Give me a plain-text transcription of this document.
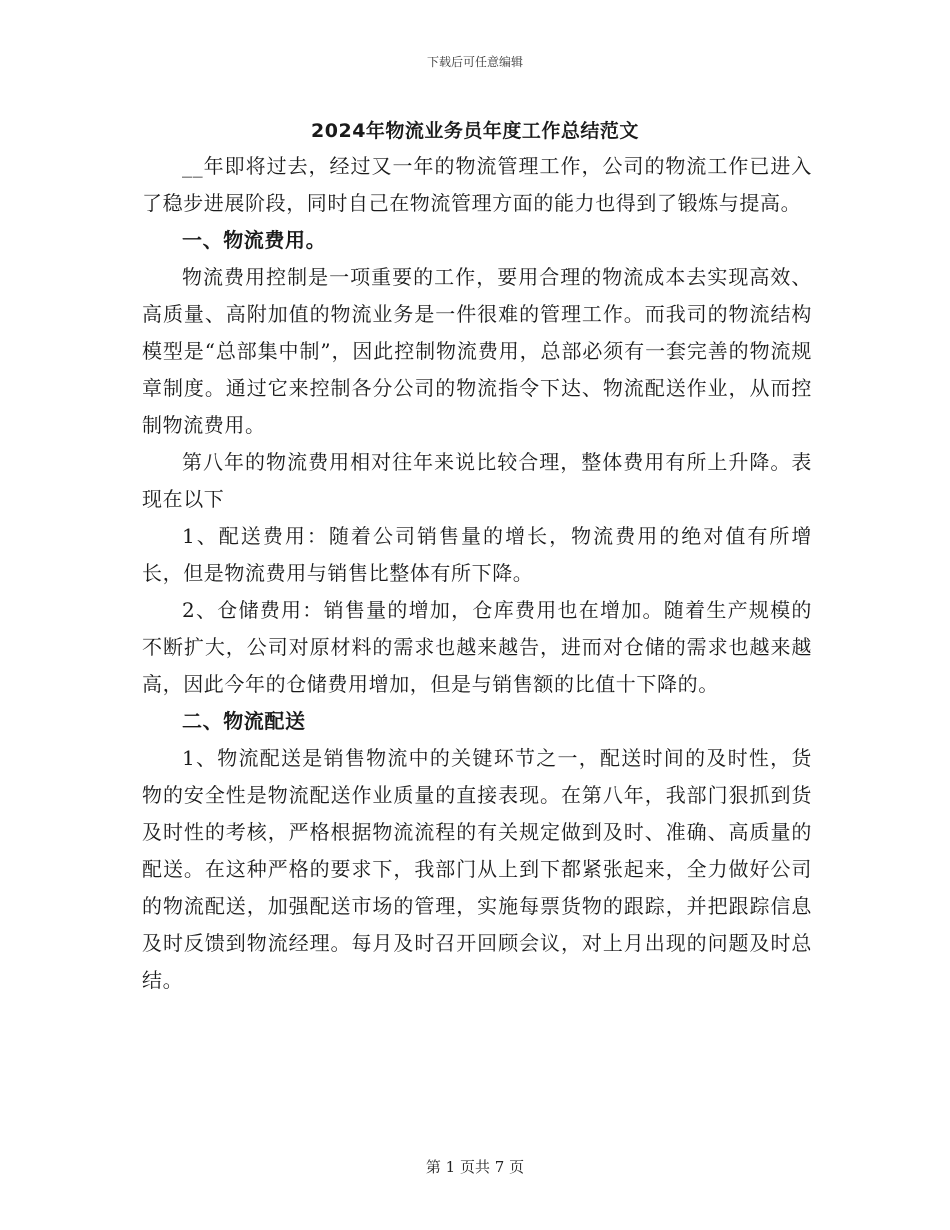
下载后可任意编辑
2024年物流业务员年度工作总结范文

__年即将过去，经过又一年的物流管理工作，公司的物流工作已进入了稳步进展阶段，同时自己在物流管理方面的能力也得到了锻炼与提高。

一、物流费用。

物流费用控制是一项重要的工作，要用合理的物流成本去实现高效、高质量、高附加值的物流业务是一件很难的管理工作。而我司的物流结构模型是“总部集中制”，因此控制物流费用，总部必须有一套完善的物流规章制度。通过它来控制各分公司的物流指令下达、物流配送作业，从而控制物流费用。

第八年的物流费用相对往年来说比较合理，整体费用有所上升降。表现在以下

1、配送费用：随着公司销售量的增长，物流费用的绝对值有所增长，但是物流费用与销售比整体有所下降。

2、仓储费用：销售量的增加，仓库费用也在增加。随着生产规模的不断扩大，公司对原材料的需求也越来越告，进而对仓储的需求也越来越高，因此今年的仓储费用增加，但是与销售额的比值十下降的。

二、物流配送

1、物流配送是销售物流中的关键环节之一，配送时间的及时性，货物的安全性是物流配送作业质量的直接表现。在第八年，我部门狠抓到货及时性的考核，严格根据物流流程的有关规定做到及时、准确、高质量的配送。在这种严格的要求下，我部门从上到下都紧张起来，全力做好公司的物流配送，加强配送市场的管理，实施每票货物的跟踪，并把跟踪信息及时反馈到物流经理。每月及时召开回顾会议，对上月出现的问题及时总结。

第 1 页共 7 页
